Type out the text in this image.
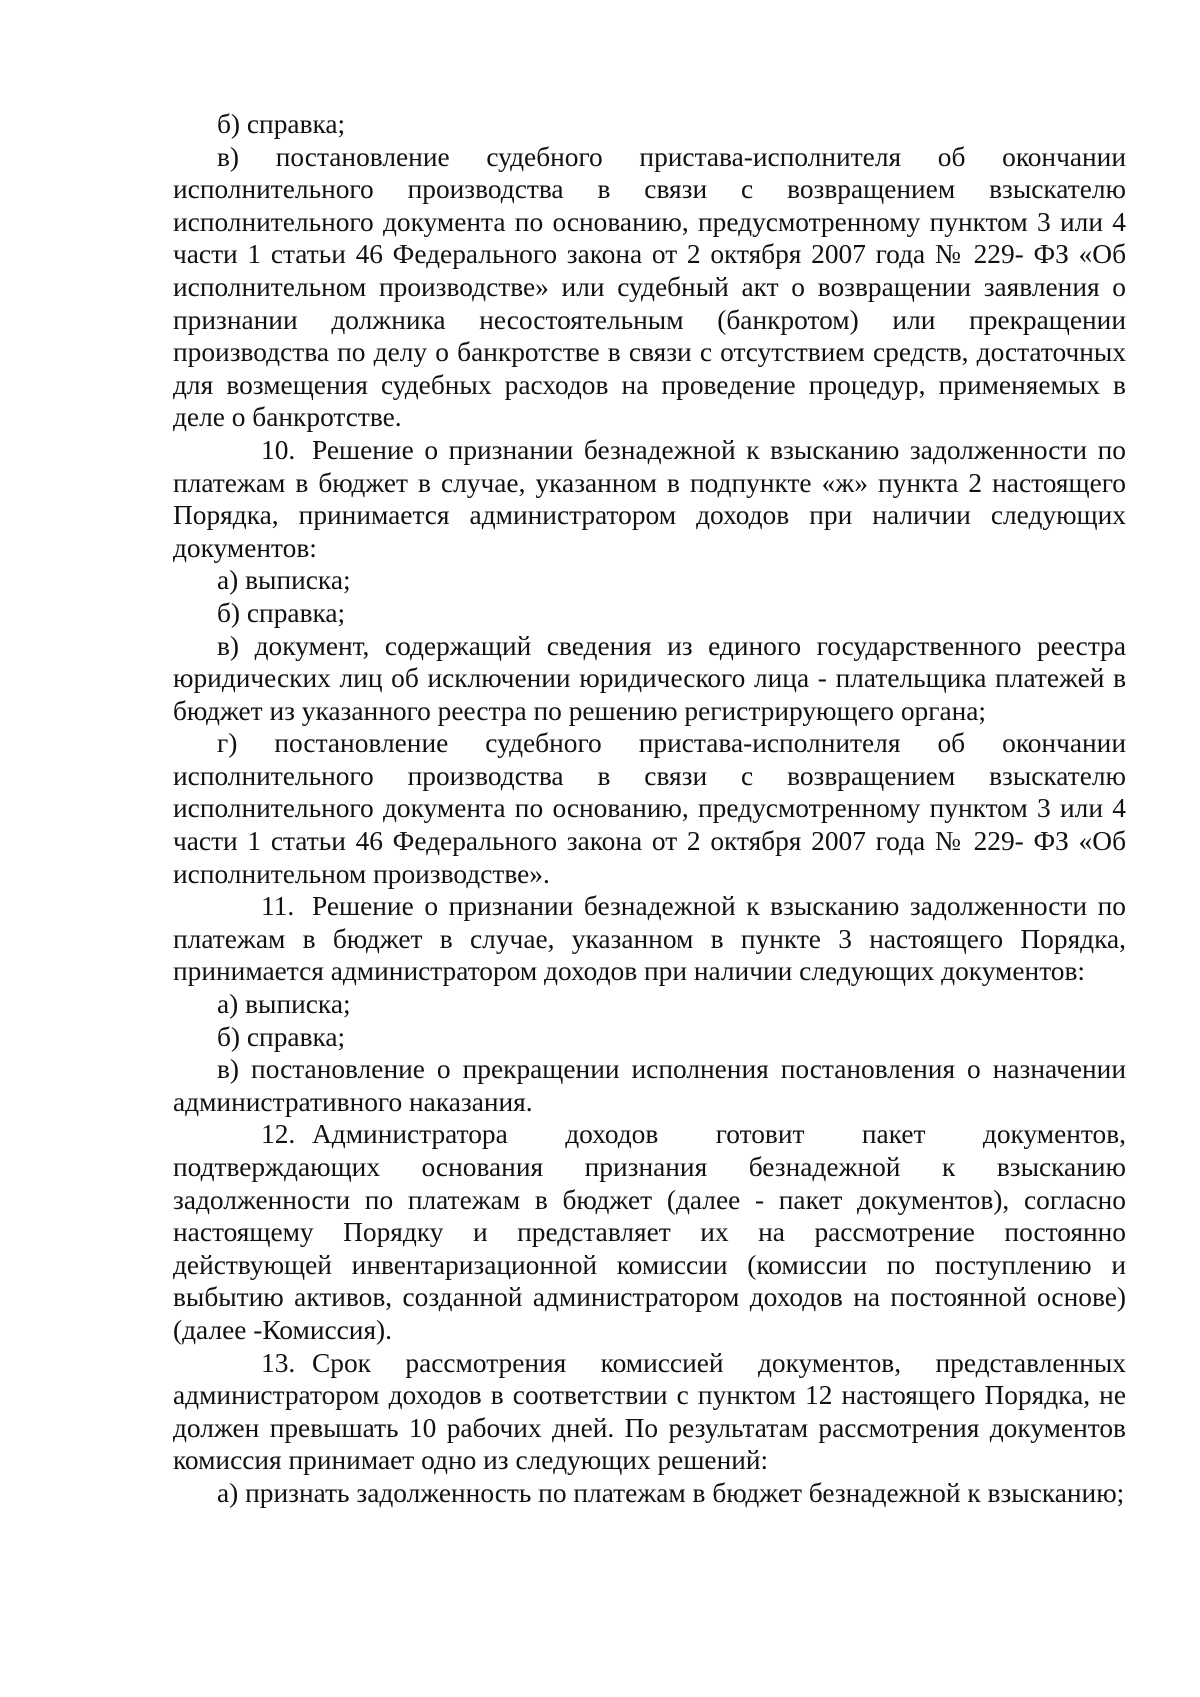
б) справка;

в) постановление судебного пристава-исполнителя об окончании исполнительного производства в связи с возвращением взыскателю исполнительного документа по основанию, предусмотренному пунктом 3 или 4 части 1 статьи 46 Федерального закона от 2 октября 2007 года № 229- ФЗ «Об исполнительном производстве» или судебный акт о возвращении заявления о признании должника несостоятельным (банкротом) или прекращении производства по делу о банкротстве в связи с отсутствием средств, достаточных для возмещения судебных расходов на проведение процедур, применяемых в деле о банкротстве.

10. Решение о признании безнадежной к взысканию задолженности по платежам в бюджет в случае, указанном в подпункте «ж» пункта 2 настоящего Порядка, принимается администратором доходов при наличии следующих документов:

а) выписка;

б) справка;

в) документ, содержащий сведения из единого государственного реестра юридических лиц об исключении юридического лица - плательщика платежей в бюджет из указанного реестра по решению регистрирующего органа;

г) постановление судебного пристава-исполнителя об окончании исполнительного производства в связи с возвращением взыскателю исполнительного документа по основанию, предусмотренному пунктом 3 или 4 части 1 статьи 46 Федерального закона от 2 октября 2007 года № 229- ФЗ «Об исполнительном производстве».

11. Решение о признании безнадежной к взысканию задолженности по платежам в бюджет в случае, указанном в пункте 3 настоящего Порядка, принимается администратором доходов при наличии следующих документов:

а) выписка;

б) справка;

в) постановление о прекращении исполнения постановления о назначении административного наказания.

12. Администратора доходов готовит пакет документов, подтверждающих основания признания безнадежной к взысканию задолженности по платежам в бюджет (далее - пакет документов), согласно настоящему Порядку и представляет их на рассмотрение постоянно действующей инвентаризационной комиссии (комиссии по поступлению и выбытию активов, созданной администратором доходов на постоянной основе) (далее -Комиссия).

13. Срок рассмотрения комиссией документов, представленных администратором доходов в соответствии с пунктом 12 настоящего Порядка, не должен превышать 10 рабочих дней. По результатам рассмотрения документов комиссия принимает одно из следующих решений:

а) признать задолженность по платежам в бюджет безнадежной к взысканию;
